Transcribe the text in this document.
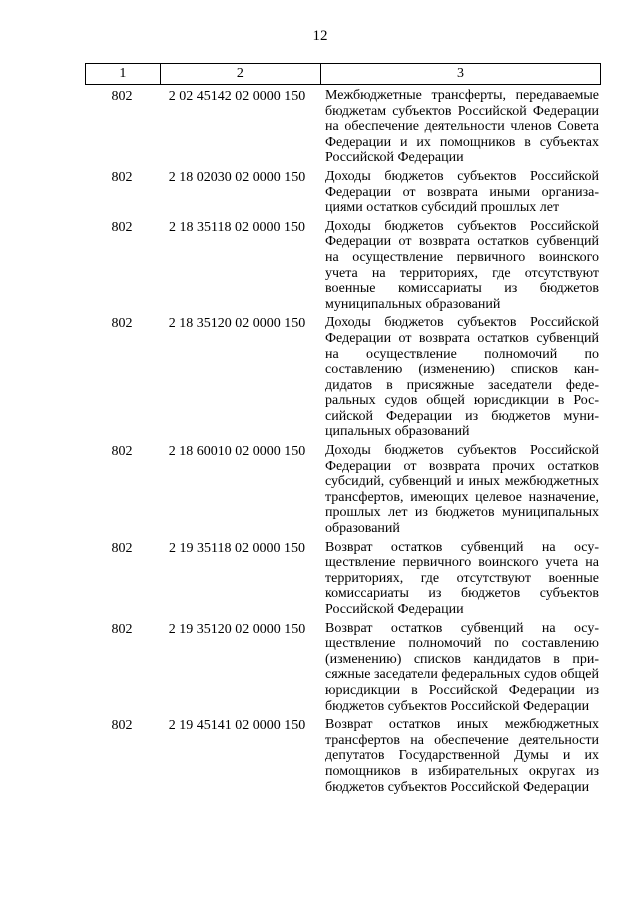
12
1	2	3
802	2 02 45142 02 0000 150	Межбюджетные трансферты, передаваемые бюджетам субъектов Российской Федерации на обеспечение деятельности членов Совета Федерации и их помощников в субъектах Российской Федерации
802	2 18 02030 02 0000 150	Доходы бюджетов субъектов Российской Федерации от возврата иными организациями остатков субсидий прошлых лет
802	2 18 35118 02 0000 150	Доходы бюджетов субъектов Российской Федерации от возврата остатков субвенций на осуществление первичного воинского учета на территориях, где отсутствуют военные комиссариаты из бюджетов муниципальных образований
802	2 18 35120 02 0000 150	Доходы бюджетов субъектов Российской Федерации от возврата остатков субвенций на осуществление полномочий по составлению (изменению) списков кандидатов в присяжные заседатели федеральных судов общей юрисдикции в Российской Федерации из бюджетов муниципальных образований
802	2 18 60010 02 0000 150	Доходы бюджетов субъектов Российской Федерации от возврата прочих остатков субсидий, субвенций и иных межбюджетных трансфертов, имеющих целевое назначение, прошлых лет из бюджетов муниципальных образований
802	2 19 35118 02 0000 150	Возврат остатков субвенций на осуществление первичного воинского учета на территориях, где отсутствуют военные комиссариаты из бюджетов субъектов Российской Федерации
802	2 19 35120 02 0000 150	Возврат остатков субвенций на осуществление полномочий по составлению (изменению) списков кандидатов в присяжные заседатели федеральных судов общей юрисдикции в Российской Федерации из бюджетов субъектов Российской Федерации
802	2 19 45141 02 0000 150	Возврат остатков иных межбюджетных трансфертов на обеспечение деятельности депутатов Государственной Думы и их помощников в избирательных округах из бюджетов субъектов Российской Федерации
